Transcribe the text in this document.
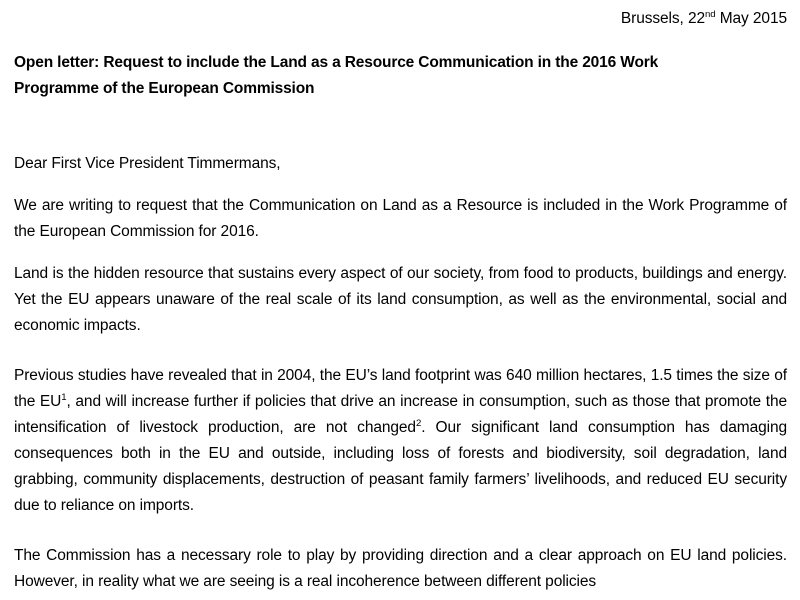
Brussels, 22nd May 2015
Open letter: Request to include the Land as a Resource Communication in the 2016 Work Programme of the European Commission
Dear First Vice President Timmermans,

We are writing to request that the Communication on Land as a Resource is included in the Work Programme of the European Commission for 2016.

Land is the hidden resource that sustains every aspect of our society, from food to products, buildings and energy. Yet the EU appears unaware of the real scale of its land consumption, as well as the environmental, social and economic impacts.

Previous studies have revealed that in 2004, the EU’s land footprint was 640 million hectares, 1.5 times the size of the $EU^1$, and will increase further if policies that drive an increase in consumption, such as those that promote the intensification of livestock production, are not changed$^2$. Our significant land consumption has damaging consequences both in the EU and outside, including loss of forests and biodiversity, soil degradation, land grabbing, community displacements, destruction of peasant family farmers’ livelihoods, and reduced EU security due to reliance on imports.

The Commission has a necessary role to play by providing direction and a clear approach on EU land policies. However, in reality what we are seeing is a real incoherence between different policies
